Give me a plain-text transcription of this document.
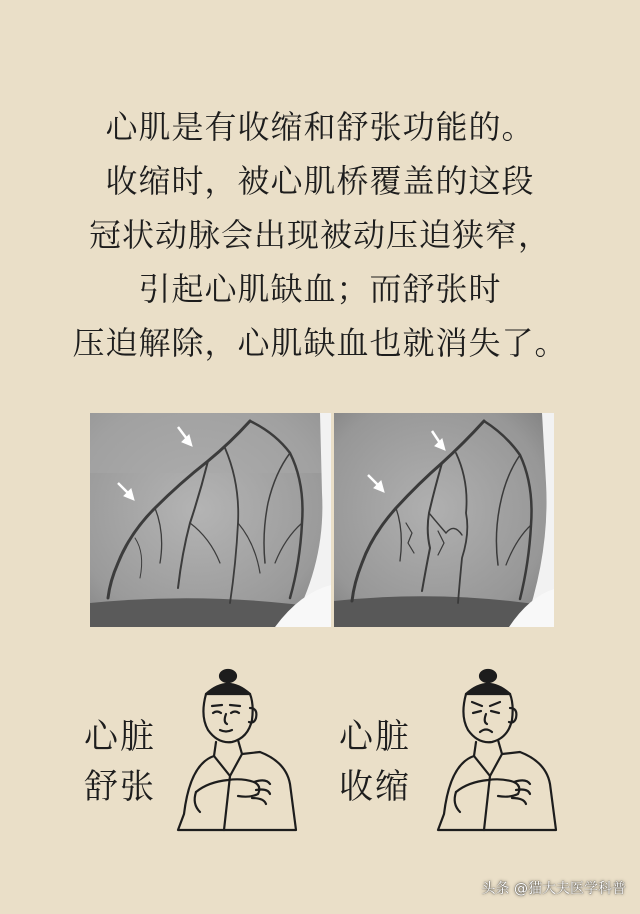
心肌是有收缩和舒张功能的。
收缩时，被心肌桥覆盖的这段
冠状动脉会出现被动压迫狭窄，
引起心肌缺血；而舒张时
压迫解除，心肌缺血也就消失了。
心脏
舒张
心脏
收缩
头条 @猫大夫医学科普
